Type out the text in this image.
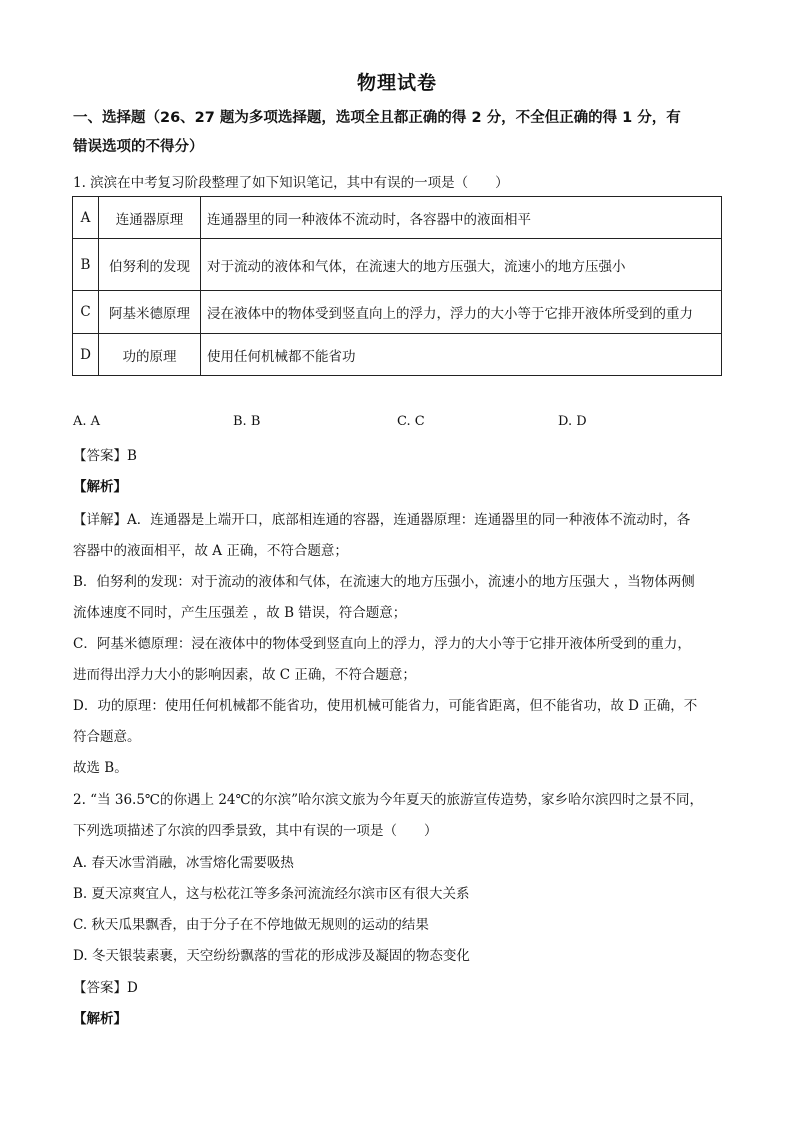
物理试卷
一、选择题（26、27 题为多项选择题，选项全且都正确的得 2 分，不全但正确的得 1 分，有
错误选项的不得分）
1. 滨滨在中考复习阶段整理了如下知识笔记，其中有误的一项是（　　）
A	连通器原理	连通器里的同一种液体不流动时，各容器中的液面相平
B	伯努利的发现	对于流动的液体和气体，在流速大的地方压强大，流速小的地方压强小
C	阿基米德原理	浸在液体中的物体受到竖直向上的浮力，浮力的大小等于它排开液体所受到的重力
D	功的原理	使用任何机械都不能省功
A. A	B. B	C. C	D. D
【答案】B
【解析】
【详解】A．连通器是上端开口，底部相连通的容器，连通器原理：连通器里的同一种液体不流动时，各
容器中的液面相平，故 A 正确，不符合题意；
B．伯努利的发现：对于流动的液体和气体，在流速大的地方压强小，流速小的地方压强大 ，当物体两侧
流体速度不同时，产生压强差 ，故 B 错误，符合题意；
C．阿基米德原理：浸在液体中的物体受到竖直向上的浮力，浮力的大小等于它排开液体所受到的重力，
进而得出浮力大小的影响因素，故 C 正确，不符合题意；
D．功的原理：使用任何机械都不能省功，使用机械可能省力，可能省距离，但不能省功，故 D 正确，不
符合题意。
故选 B。
2. “当 36.5℃的你遇上 24℃的尔滨”哈尔滨文旅为今年夏天的旅游宣传造势，家乡哈尔滨四时之景不同，
下列选项描述了尔滨的四季景致，其中有误的一项是（　　）
A. 春天冰雪消融，冰雪熔化需要吸热
B. 夏天凉爽宜人，这与松花江等多条河流流经尔滨市区有很大关系
C. 秋天瓜果飘香，由于分子在不停地做无规则的运动的结果
D. 冬天银装素裹，天空纷纷飘落的雪花的形成涉及凝固的物态变化
【答案】D
【解析】
